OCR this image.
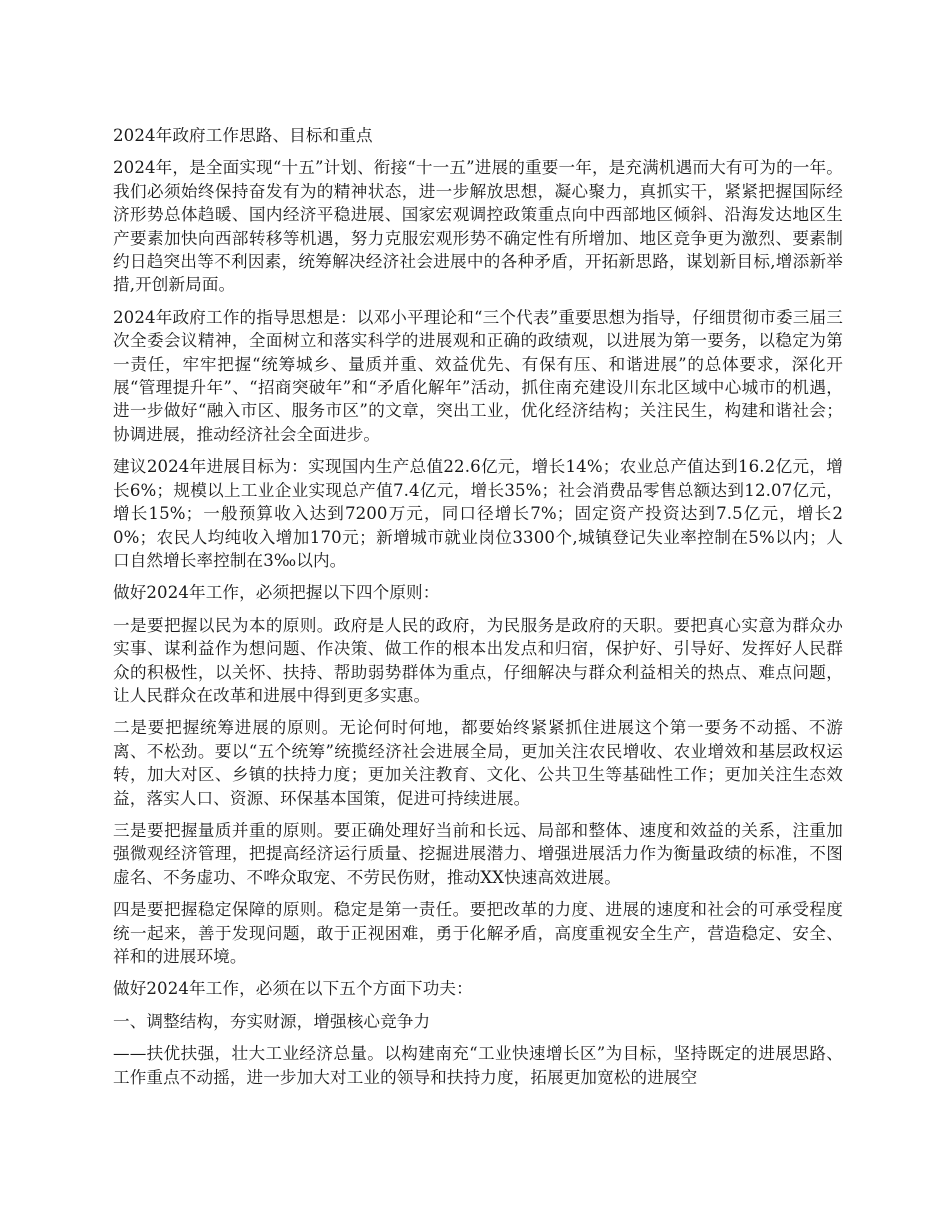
2024年政府工作思路、目标和重点

2024年，是全面实现“十五”计划、衔接“十一五”进展的重要一年，是充满机遇而大有可为的一年。我们必须始终保持奋发有为的精神状态，进一步解放思想，凝心聚力，真抓实干，紧紧把握国际经济形势总体趋暖、国内经济平稳进展、国家宏观调控政策重点向中西部地区倾斜、沿海发达地区生产要素加快向西部转移等机遇，努力克服宏观形势不确定性有所增加、地区竞争更为激烈、要素制约日趋突出等不利因素，统筹解决经济社会进展中的各种矛盾，开拓新思路，谋划新目标,增添新举措,开创新局面。

2024年政府工作的指导思想是：以邓小平理论和“三个代表”重要思想为指导，仔细贯彻市委三届三次全委会议精神，全面树立和落实科学的进展观和正确的政绩观，以进展为第一要务，以稳定为第一责任，牢牢把握“统筹城乡、量质并重、效益优先、有保有压、和谐进展”的总体要求，深化开展“管理提升年”、“招商突破年”和“矛盾化解年”活动，抓住南充建设川东北区域中心城市的机遇，进一步做好“融入市区、服务市区”的文章，突出工业，优化经济结构；关注民生，构建和谐社会；协调进展，推动经济社会全面进步。

建议2024年进展目标为：实现国内生产总值22.6亿元，增长14%；农业总产值达到16.2亿元，增长6%；规模以上工业企业实现总产值7.4亿元，增长35%；社会消费品零售总额达到12.07亿元，增长15%；一般预算收入达到7200万元，同口径增长7%；固定资产投资达到7.5亿元，增长20%；农民人均纯收入增加170元；新增城市就业岗位3300个,城镇登记失业率控制在5%以内；人口自然增长率控制在3‰以内。

做好2024年工作，必须把握以下四个原则：

一是要把握以民为本的原则。政府是人民的政府，为民服务是政府的天职。要把真心实意为群众办实事、谋利益作为想问题、作决策、做工作的根本出发点和归宿，保护好、引导好、发挥好人民群众的积极性，以关怀、扶持、帮助弱势群体为重点，仔细解决与群众利益相关的热点、难点问题，让人民群众在改革和进展中得到更多实惠。

二是要把握统筹进展的原则。无论何时何地，都要始终紧紧抓住进展这个第一要务不动摇、不游离、不松劲。要以“五个统筹”统揽经济社会进展全局，更加关注农民增收、农业增效和基层政权运转，加大对区、乡镇的扶持力度；更加关注教育、文化、公共卫生等基础性工作；更加关注生态效益，落实人口、资源、环保基本国策，促进可持续进展。

三是要把握量质并重的原则。要正确处理好当前和长远、局部和整体、速度和效益的关系，注重加强微观经济管理，把提高经济运行质量、挖掘进展潜力、增强进展活力作为衡量政绩的标准，不图虚名、不务虚功、不哗众取宠、不劳民伤财，推动XX快速高效进展。

四是要把握稳定保障的原则。稳定是第一责任。要把改革的力度、进展的速度和社会的可承受程度统一起来，善于发现问题，敢于正视困难，勇于化解矛盾，高度重视安全生产，营造稳定、安全、祥和的进展环境。

做好2024年工作，必须在以下五个方面下功夫：

一、调整结构，夯实财源，增强核心竞争力

——扶优扶强，壮大工业经济总量。以构建南充“工业快速增长区”为目标，坚持既定的进展思路、工作重点不动摇，进一步加大对工业的领导和扶持力度，拓展更加宽松的进展空
